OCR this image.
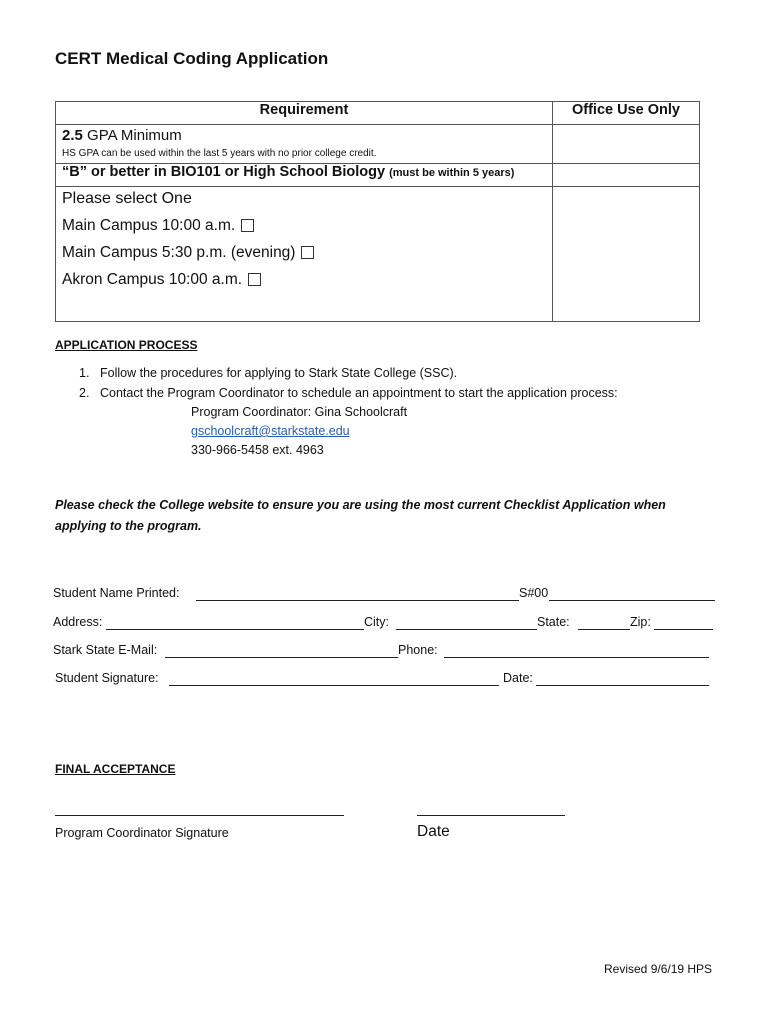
CERT Medical Coding Application
Requirement	Office Use Only

2.5 GPA Minimum
HS GPA can be used within the last 5 years with no prior college credit.	

“B” or better in BIO101 or High School Biology (must be within 5 years)	

Please select One
Main Campus 10:00 a.m.
Main Campus 5:30 p.m. (evening)
Akron Campus 10:00 a.m.	

APPLICATION PROCESS
1. Follow the procedures for applying to Stark State College (SSC).
2. Contact the Program Coordinator to schedule an appointment to start the application process:
Program Coordinator: Gina Schoolcraft
gschoolcraft@starkstate.edu
330-966-5458 ext. 4963
Please check the College website to ensure you are using the most current Checklist Application when applying to the program.
Student Name Printed:	S#00
Address:	City:	State:	Zip:
Stark State E-Mail:	Phone:
Student Signature:	Date:
FINAL ACCEPTANCE
Program Coordinator Signature	Date
Revised 9/6/19 HPS
